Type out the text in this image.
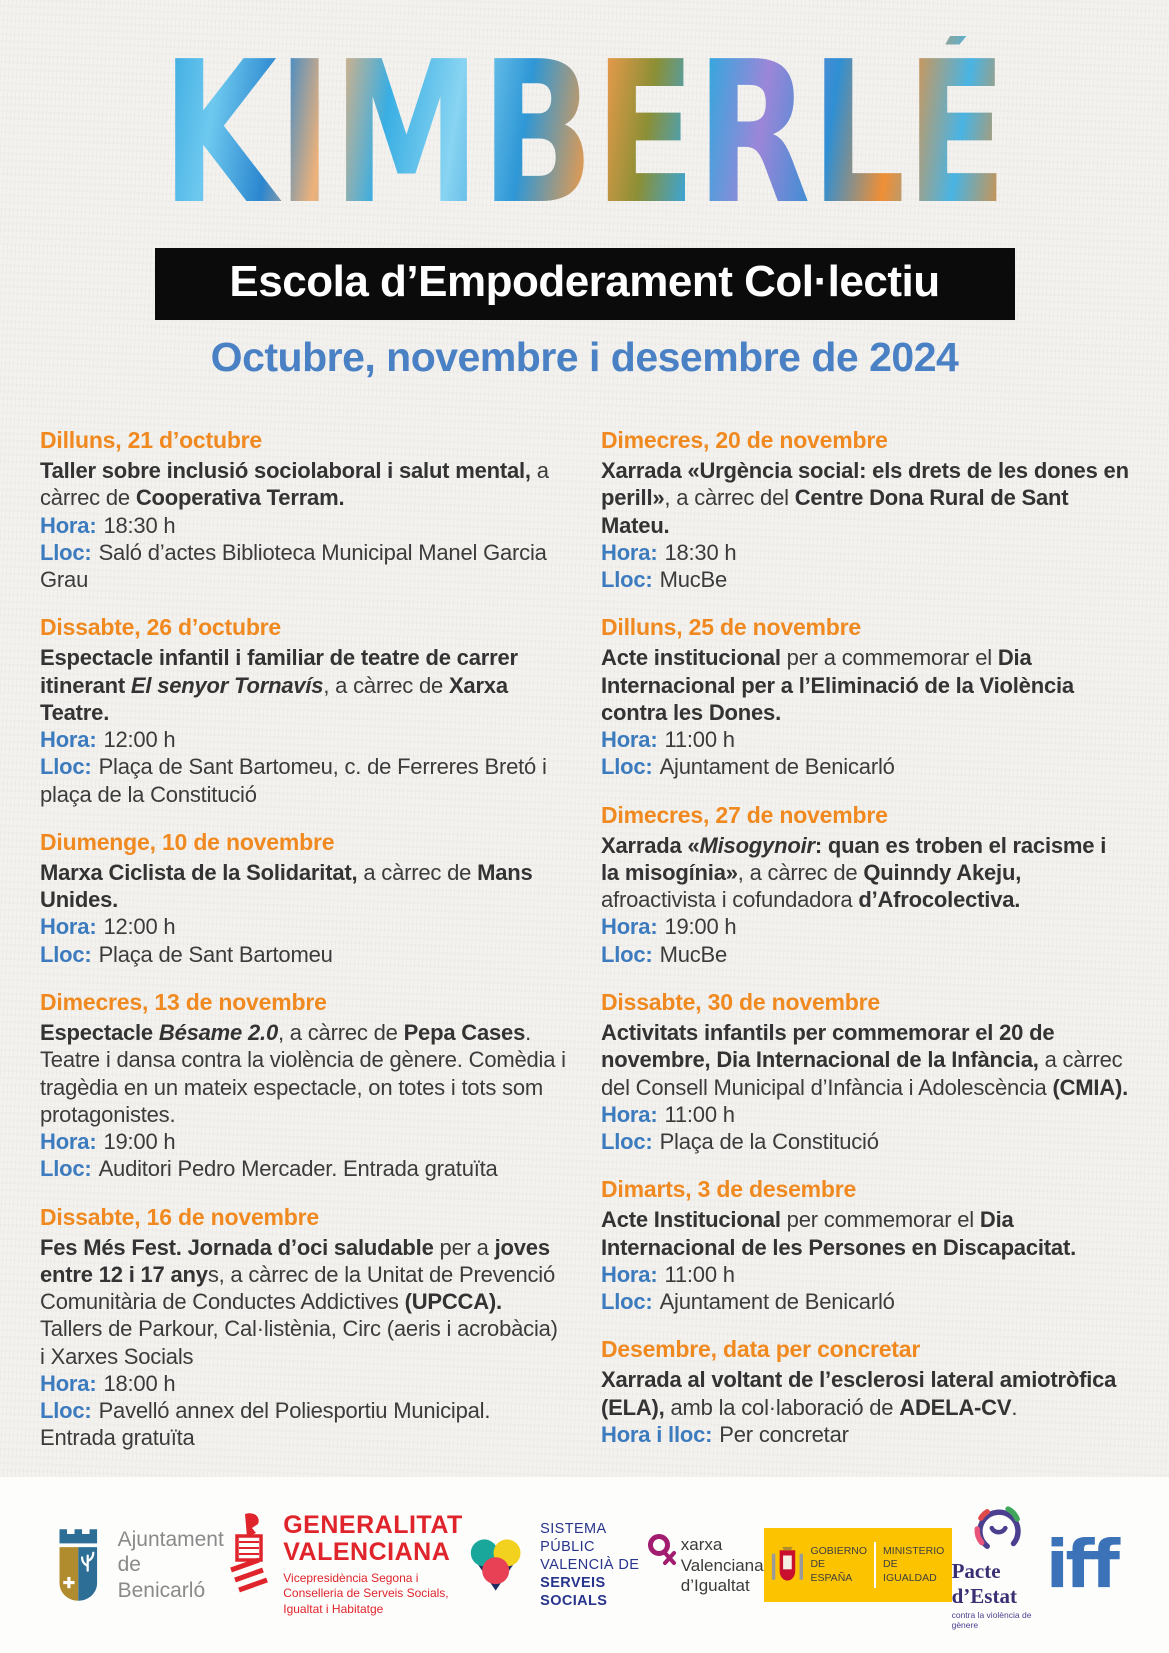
KIMBERLÉ
Escola d’Empoderament Col·lectiu
Octubre, novembre i desembre de 2024
Dilluns, 21 d’octubre

Taller sobre inclusió sociolaboral i salut mental, a càrrec de Cooperativa Terram.

Hora: 18:30 h

Lloc: Saló d’actes Biblioteca Municipal Manel Garcia Grau

Dissabte, 26 d’octubre

Espectacle infantil i familiar de teatre de carrer itinerant El senyor Tornavís, a càrrec de Xarxa Teatre.

Hora: 12:00 h

Lloc: Plaça de Sant Bartomeu, c. de Ferreres Bretó i plaça de la Constitució

Diumenge, 10 de novembre

Marxa Ciclista de la Solidaritat, a càrrec de Mans Unides.

Hora: 12:00 h

Lloc: Plaça de Sant Bartomeu

Dimecres, 13 de novembre

Espectacle Bésame 2.0, a càrrec de Pepa Cases. Teatre i dansa contra la violència de gènere. Comèdia i tragèdia en un mateix espectacle, on totes i tots som protagonistes.

Hora: 19:00 h

Lloc: Auditori Pedro Mercader. Entrada gratuïta

Dissabte, 16 de novembre

Fes Més Fest. Jornada d’oci saludable per a joves entre 12 i 17 anys, a càrrec de la Unitat de Prevenció Comunitària de Conductes Addictives (UPCCA).
Tallers de Parkour, Cal·listènia, Circ (aeris i acrobàcia) i Xarxes Socials

Hora: 18:00 h

Lloc: Pavelló annex del Poliesportiu Municipal. Entrada gratuïta

Dimecres, 20 de novembre

Xarrada «Urgència social: els drets de les dones en perill», a càrrec del Centre Dona Rural de Sant Mateu.

Hora: 18:30 h

Lloc: MucBe

Dilluns, 25 de novembre

Acte institucional per a commemorar el Dia Internacional per a l’Eliminació de la Violència contra les Dones.

Hora: 11:00 h

Lloc: Ajuntament de Benicarló

Dimecres, 27 de novembre

Xarrada «Misogynoir: quan es troben el racisme i la misogínia», a càrrec de Quinndy Akeju, afroactivista i cofundadora d’Afrocolectiva.

Hora: 19:00 h

Lloc: MucBe

Dissabte, 30 de novembre

Activitats infantils per commemorar el 20 de novembre, Dia Internacional de la Infància, a càrrec del Consell Municipal d’Infància i Adolescència (CMIA).

Hora: 11:00 h

Lloc: Plaça de la Constitució

Dimarts, 3 de desembre

Acte Institucional per commemorar el Dia Internacional de les Persones en Discapacitat.

Hora: 11:00 h

Lloc: Ajuntament de Benicarló

Desembre, data per concretar

Xarrada al voltant de l’esclerosi lateral amiotròfica (ELA), amb la col·laboració de ADELA-CV.

Hora i lloc: Per concretar

Ajuntament
de Benicarló
GENERALITAT
VALENCIANA
Vicepresidència Segona i
Conselleria de Serveis Socials,
Igualtat i Habitatge
SISTEMA PÚBLIC
VALENCIÀ DE
SERVEIS SOCIALS
xarxa
Valenciana
d’Igualtat
GOBIERNO
DE ESPAÑA
MINISTERIO
DE IGUALDAD Pacte d’Estat
contra la violència de gènere
iff
